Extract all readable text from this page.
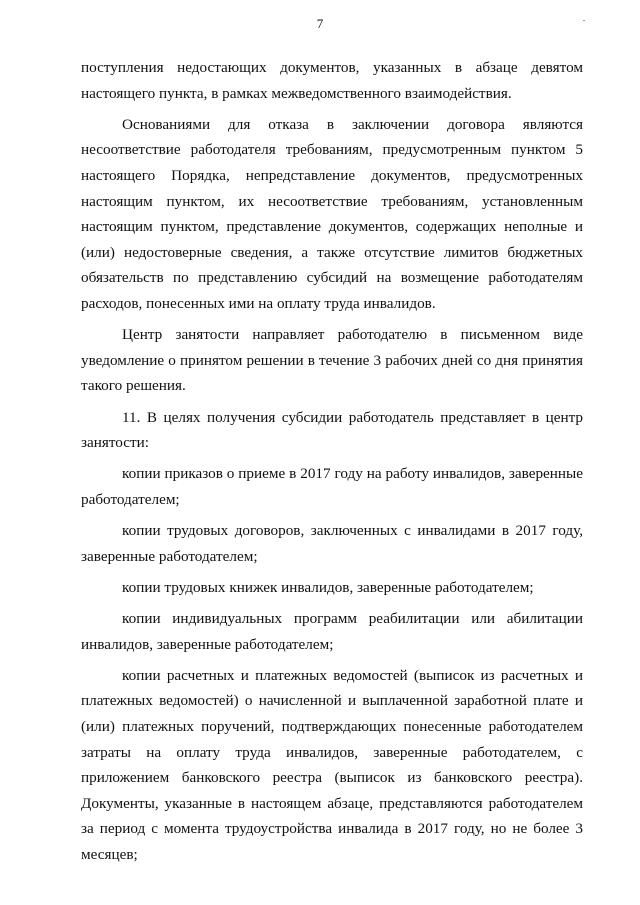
7

поступления недостающих документов, указанных в абзаце девятом настоящего пункта, в рамках межведомственного взаимодействия.

Основаниями для отказа в заключении договора являются несоответствие работодателя требованиям, предусмотренным пунктом 5 настоящего Порядка, непредставление документов, предусмотренных настоящим пунктом, их несоответствие требованиям, установленным настоящим пунктом, представление документов, содержащих неполные и (или) недостоверные сведения, а также отсутствие лимитов бюджетных обязательств по представлению субсидий на возмещение работодателям расходов, понесенных ими на оплату труда инвалидов.

Центр занятости направляет работодателю в письменном виде уведомление о принятом решении в течение 3 рабочих дней со дня принятия такого решения.

11. В целях получения субсидии работодатель представляет в центр занятости:

копии приказов о приеме в 2017 году на работу инвалидов, заверенные работодателем;

копии трудовых договоров, заключенных с инвалидами в 2017 году, заверенные работодателем;

копии трудовых книжек инвалидов, заверенные работодателем;

копии индивидуальных программ реабилитации или абилитации инвалидов, заверенные работодателем;

копии расчетных и платежных ведомостей (выписок из расчетных и платежных ведомостей) о начисленной и выплаченной заработной плате и (или) платежных поручений, подтверждающих понесенные работодателем затраты на оплату труда инвалидов, заверенные работодателем, с приложением банковского реестра (выписок из банковского реестра). Документы, указанные в настоящем абзаце, представляются работодателем за период с момента трудоустройства инвалида в 2017 году, но не более 3 месяцев;
